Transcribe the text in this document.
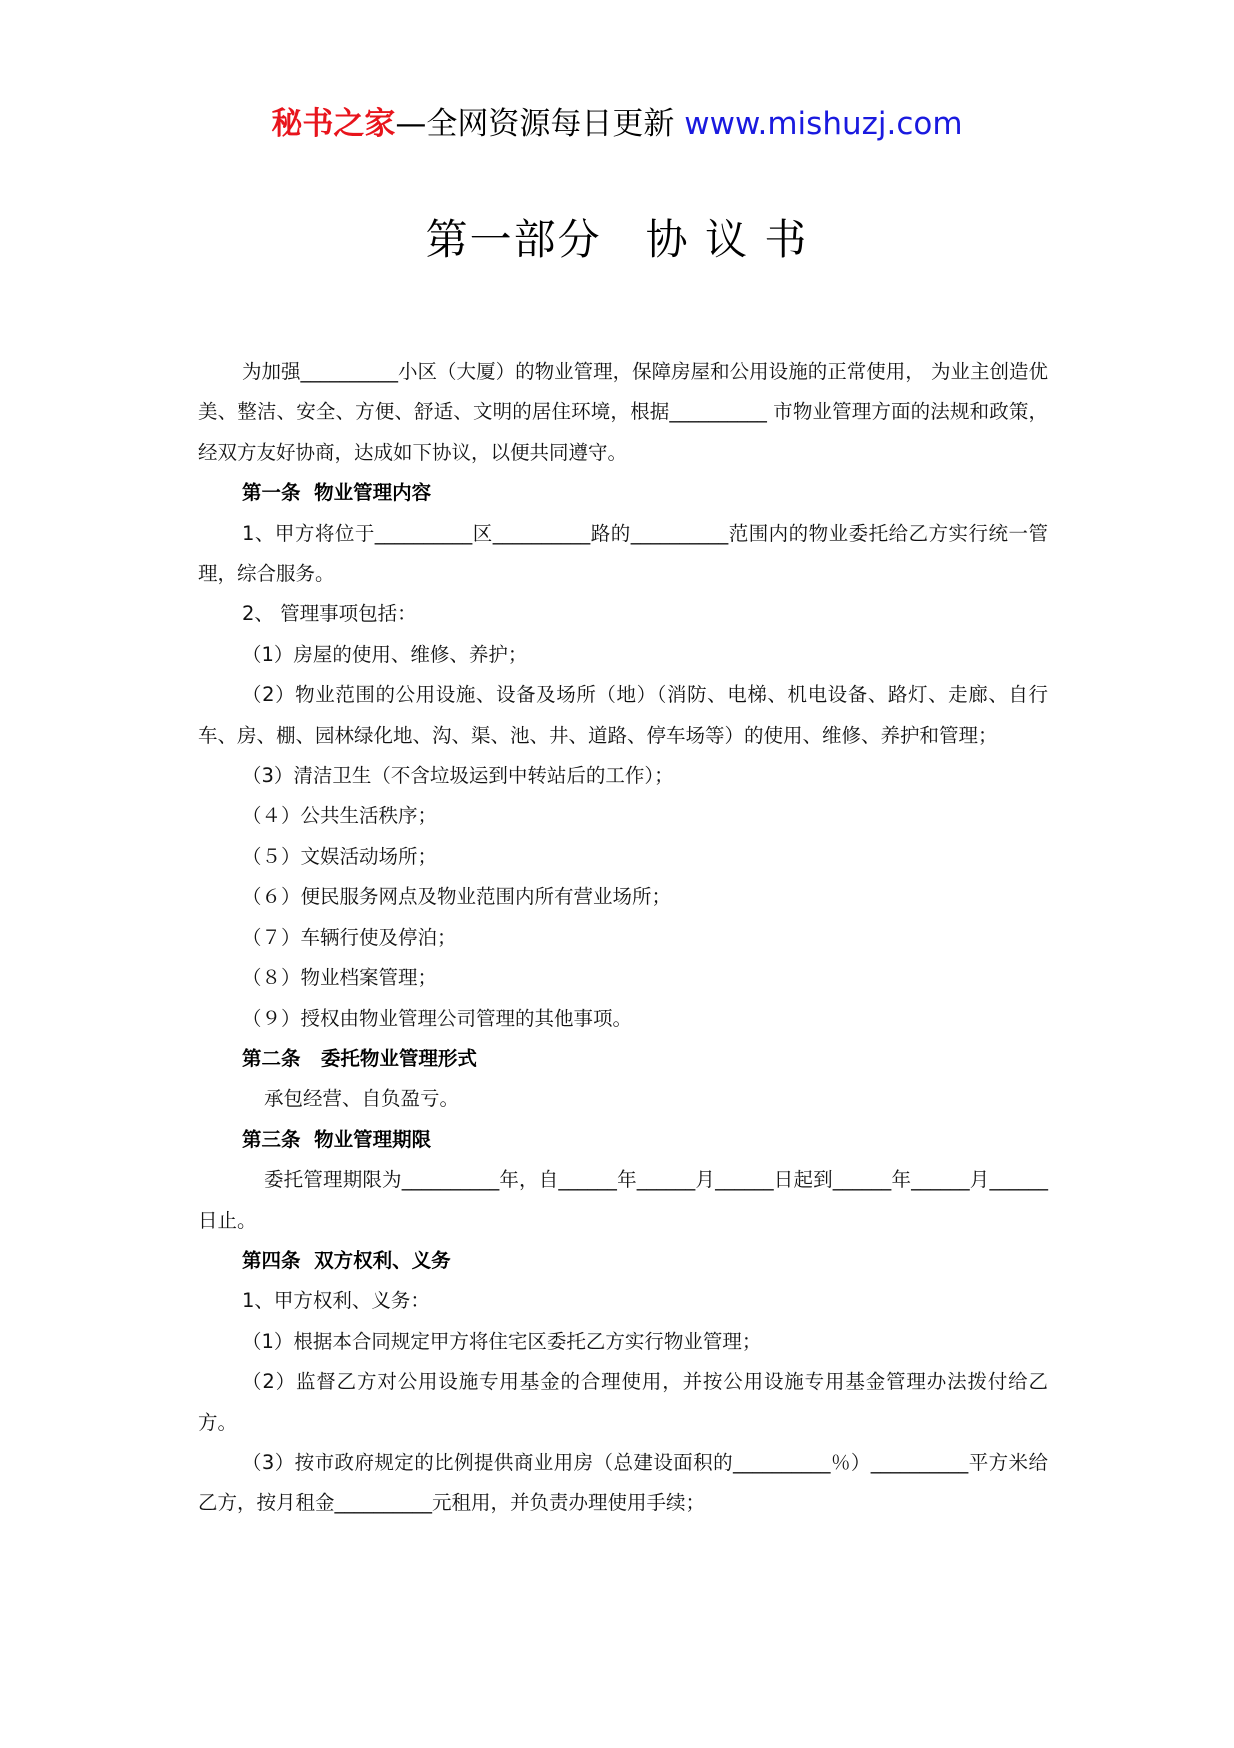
秘书之家—全网资源每日更新 www.mishuzj.com
第一部分　协 议 书

为加强__________小区（大厦）的物业管理，保障房屋和公用设施的正常使用， 为业主创造优美、整洁、安全、方便、舒适、文明的居住环境，根据__________ 市物业管理方面的法规和政策，经双方友好协商，达成如下协议，以便共同遵守。

第一条  物业管理内容

1、甲方将位于__________区__________路的__________范围内的物业委托给乙方实行统一管理，综合服务。

2、 管理事项包括：

（1）房屋的使用、维修、养护；

（2）物业范围的公用设施、设备及场所（地）（消防、电梯、机电设备、路灯、走廊、自行车、房、棚、园林绿化地、沟、渠、池、井、道路、停车场等）的使用、维修、养护和管理；

（3）清洁卫生（不含垃圾运到中转站后的工作）；

（４）公共生活秩序；

（５）文娱活动场所；

（６）便民服务网点及物业范围内所有营业场所；

（７）车辆行使及停泊；

（８）物业档案管理；

（９）授权由物业管理公司管理的其他事项。

第二条   委托物业管理形式

承包经营、自负盈亏。

第三条  物业管理期限

委托管理期限为__________年，自______年______月______日起到______年______月______日止。

第四条  双方权利、义务

1、甲方权利、义务：

（1）根据本合同规定甲方将住宅区委托乙方实行物业管理；

（2）监督乙方对公用设施专用基金的合理使用，并按公用设施专用基金管理办法拨付给乙方。

（3）按市政府规定的比例提供商业用房（总建设面积的__________％）__________平方米给乙方，按月租金__________元租用，并负责办理使用手续；
